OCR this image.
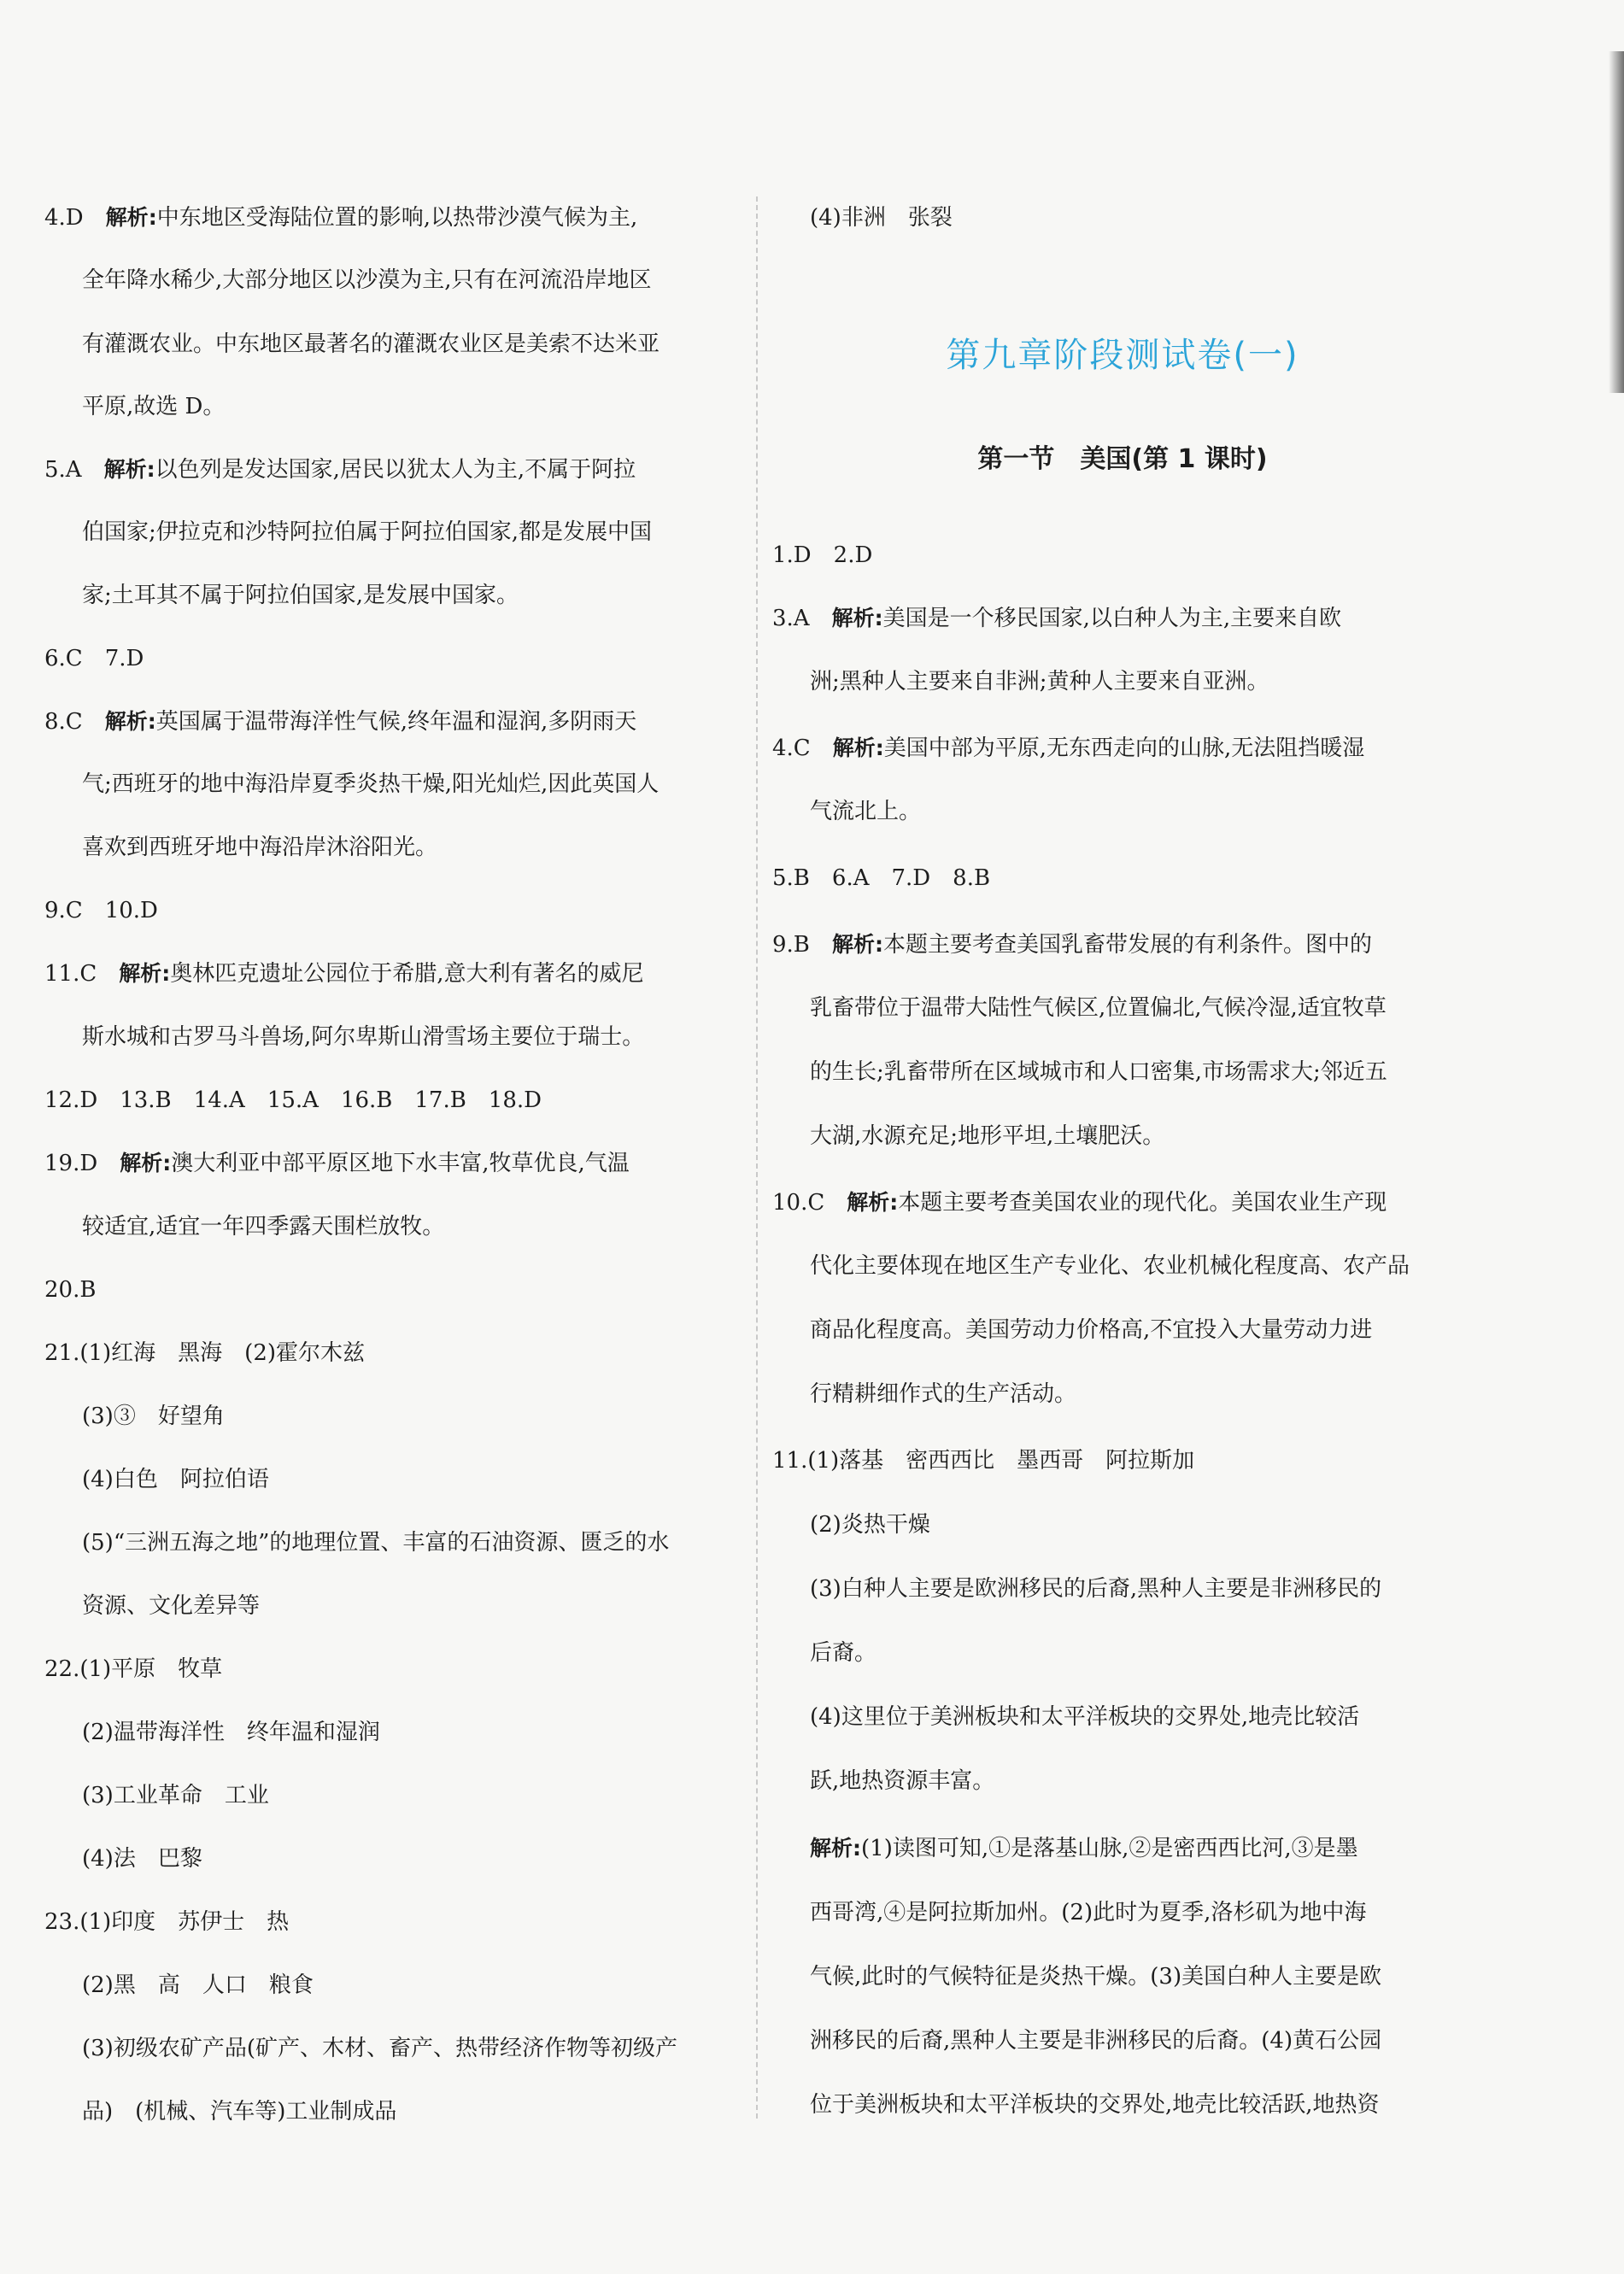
4.D　 解析:中东地区受海陆位置的影响,以热带沙漠气候为主,
全年降水稀少,大部分地区以沙漠为主,只有在河流沿岸地区
有灌溉农业。中东地区最著名的灌溉农业区是美索不达米亚
平原,故选 D。
5.A　 解析:以色列是发达国家,居民以犹太人为主,不属于阿拉
伯国家;伊拉克和沙特阿拉伯属于阿拉伯国家,都是发展中国
家;土耳其不属于阿拉伯国家,是发展中国家。
6.C　7.D
8.C　 解析:英国属于温带海洋性气候,终年温和湿润,多阴雨天
气;西班牙的地中海沿岸夏季炎热干燥,阳光灿烂,因此英国人
喜欢到西班牙地中海沿岸沐浴阳光。
9.C　10.D
11.C　 解析:奥林匹克遗址公园位于希腊,意大利有著名的威尼
斯水城和古罗马斗兽场,阿尔卑斯山滑雪场主要位于瑞士。
12.D　13.B　14.A　15.A　16.B　17.B　18.D
19.D　 解析:澳大利亚中部平原区地下水丰富,牧草优良,气温
较适宜,适宜一年四季露天围栏放牧。
20.B
21.(1)红海　黑海　(2)霍尔木兹
(3)③　好望角
(4)白色　阿拉伯语
(5)“三洲五海之地”的地理位置、丰富的石油资源、匮乏的水
资源、文化差异等
22.(1)平原　牧草
(2)温带海洋性　终年温和湿润
(3)工业革命　工业
(4)法　巴黎
23.(1)印度　苏伊士　热
(2)黑　高　人口　粮食
(3)初级农矿产品(矿产、木材、畜产、热带经济作物等初级产
品)　(机械、汽车等)工业制成品
(4)非洲　张裂
第九章阶段测试卷(一)
第一节　美国(第 1 课时)
1.D　2.D
3.A　 解析:美国是一个移民国家,以白种人为主,主要来自欧
洲;黑种人主要来自非洲;黄种人主要来自亚洲。
4.C　 解析:美国中部为平原,无东西走向的山脉,无法阻挡暖湿
气流北上。
5.B　6.A　7.D　8.B
9.B　 解析:本题主要考查美国乳畜带发展的有利条件。图中的
乳畜带位于温带大陆性气候区,位置偏北,气候冷湿,适宜牧草
的生长;乳畜带所在区域城市和人口密集,市场需求大;邻近五
大湖,水源充足;地形平坦,土壤肥沃。
10.C　 解析:本题主要考查美国农业的现代化。美国农业生产现
代化主要体现在地区生产专业化、农业机械化程度高、农产品
商品化程度高。美国劳动力价格高,不宜投入大量劳动力进
行精耕细作式的生产活动。
11.(1)落基　密西西比　墨西哥　阿拉斯加
(2)炎热干燥
(3)白种人主要是欧洲移民的后裔,黑种人主要是非洲移民的
后裔。
(4)这里位于美洲板块和太平洋板块的交界处,地壳比较活
跃,地热资源丰富。
解析:(1)读图可知,①是落基山脉,②是密西西比河,③是墨
西哥湾,④是阿拉斯加州。(2)此时为夏季,洛杉矶为地中海
气候,此时的气候特征是炎热干燥。(3)美国白种人主要是欧
洲移民的后裔,黑种人主要是非洲移民的后裔。(4)黄石公园
位于美洲板块和太平洋板块的交界处,地壳比较活跃,地热资
